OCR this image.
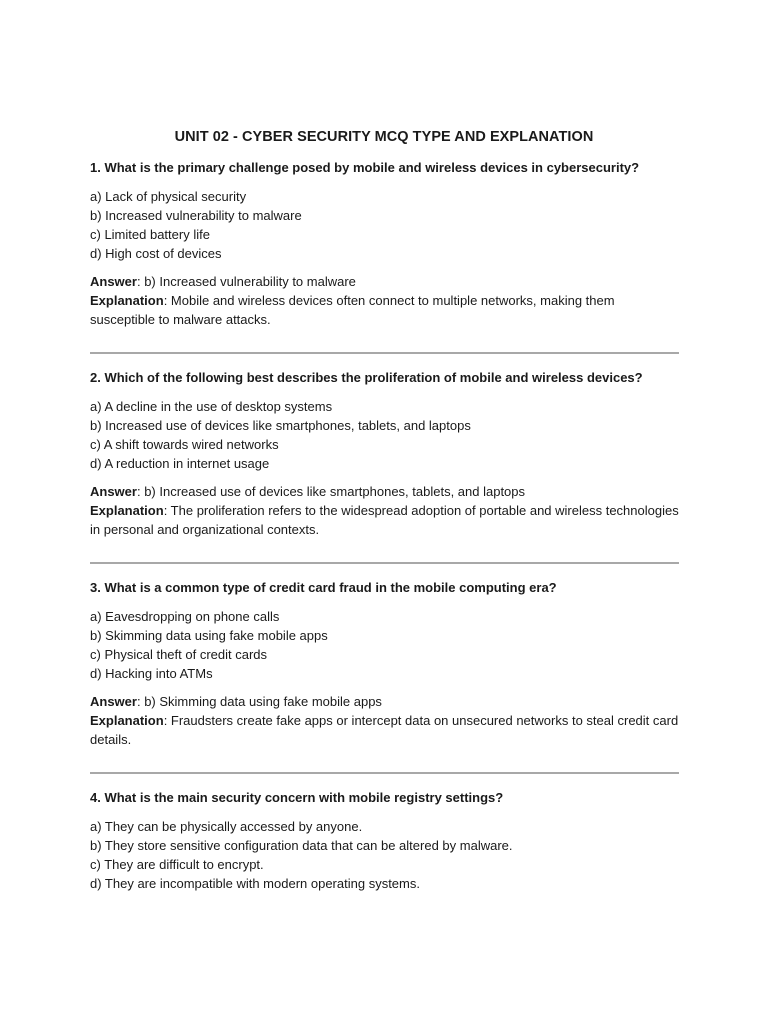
UNIT 02 - CYBER SECURITY MCQ TYPE AND EXPLANATION
1. What is the primary challenge posed by mobile and wireless devices in cybersecurity?
a) Lack of physical security
b) Increased vulnerability to malware
c) Limited battery life
d) High cost of devices
Answer: b) Increased vulnerability to malware
Explanation: Mobile and wireless devices often connect to multiple networks, making them susceptible to malware attacks.
2. Which of the following best describes the proliferation of mobile and wireless devices?
a) A decline in the use of desktop systems
b) Increased use of devices like smartphones, tablets, and laptops
c) A shift towards wired networks
d) A reduction in internet usage
Answer: b) Increased use of devices like smartphones, tablets, and laptops
Explanation: The proliferation refers to the widespread adoption of portable and wireless technologies in personal and organizational contexts.
3. What is a common type of credit card fraud in the mobile computing era?
a) Eavesdropping on phone calls
b) Skimming data using fake mobile apps
c) Physical theft of credit cards
d) Hacking into ATMs
Answer: b) Skimming data using fake mobile apps
Explanation: Fraudsters create fake apps or intercept data on unsecured networks to steal credit card details.
4. What is the main security concern with mobile registry settings?
a) They can be physically accessed by anyone.
b) They store sensitive configuration data that can be altered by malware.
c) They are difficult to encrypt.
d) They are incompatible with modern operating systems.
